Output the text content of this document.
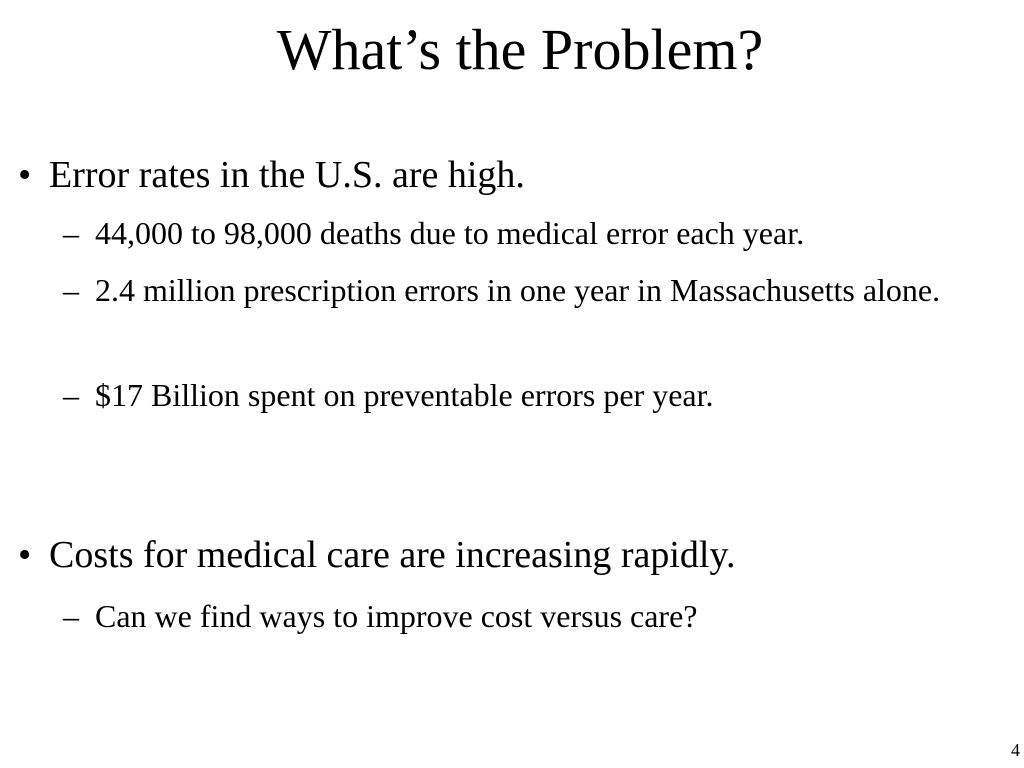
What’s the Problem?
• Error rates in the U.S. are high.
– 44,000 to 98,000 deaths due to medical error each year.
– 2.4 million prescription errors in one year in Massachusetts alone.
– $17 Billion spent on preventable errors per year.
• Costs for medical care are increasing rapidly.
– Can we find ways to improve cost versus care?
4
